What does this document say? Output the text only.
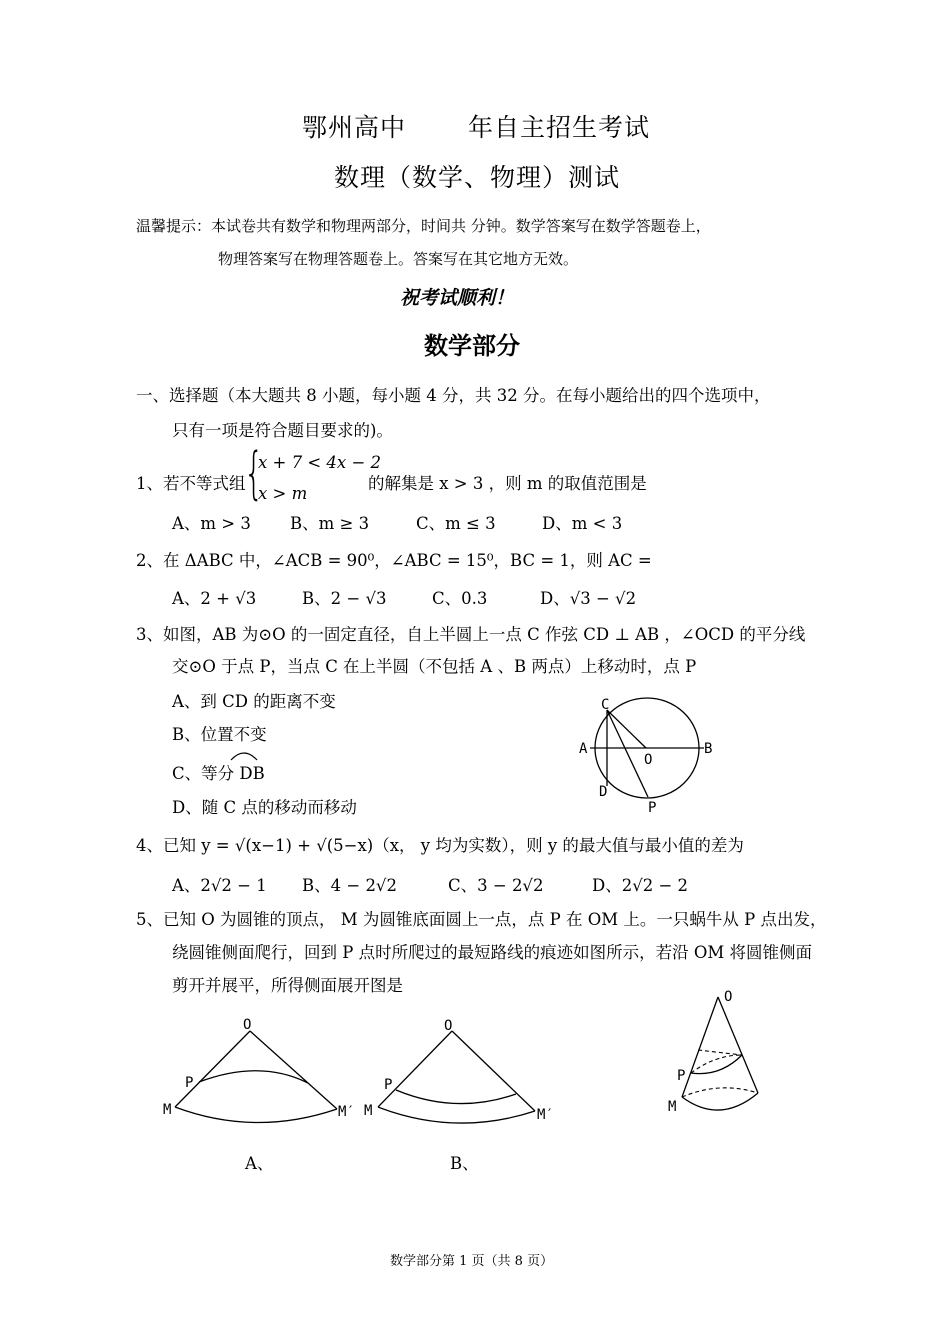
鄂州高中 年自主招生考试
数理（数学、物理）测试
温馨提示：本试卷共有数学和物理两部分，时间共 分钟。数学答案写在数学答题卷上，
物理答案写在物理答题卷上。答案写在其它地方无效。
祝考试顺利！
数学部分
一、选择题（本大题共 8 小题，每小题 4 分，共 32 分。在每小题给出的四个选项中，
只有一项是符合题目要求的)。
1、若不等式组
{
x + 7 < 4x − 2
x > m
的解集是 x > 3 ，则 m 的取值范围是
A、m > 3 B、m ≥ 3	C、m ≤ 3	D、m < 3
2、在 ΔABC 中，∠ACB = 90⁰，∠ABC = 15⁰，BC = 1，则 AC =
A、2 + √3	B、2 − √3	C、0.3	D、√3 − √2
3、如图，AB 为⊙O 的一固定直径，自上半圆上一点 C 作弦 CD ⊥ AB ，∠OCD 的平分线
交⊙O 于点 P，当点 C 在上半圆（不包括 A 、B 两点）上移动时，点 P
A、到 CD 的距离不变
B、位置不变
C、等分 DB
D、随 C 点的移动而移动
C
A	B
O
D
P
4、已知 y = √(x−1) + √(5−x)（x， y 均为实数），则 y 的最大值与最小值的差为
A、2√2 − 1 B、4 − 2√2	C、3 − 2√2	D、2√2 − 2
5、已知 O 为圆锥的顶点， M 为圆锥底面圆上一点，点 P 在 OM 上。一只蜗牛从 P 点出发，
绕圆锥侧面爬行，回到 P 点时所爬过的最短路线的痕迹如图所示，若沿 OM 将圆锥侧面
剪开并展平，所得侧面展开图是
O
P
M	M′
A、
O
P
M	M′
B、
O
P
M
数学部分第 1 页（共 8 页）
